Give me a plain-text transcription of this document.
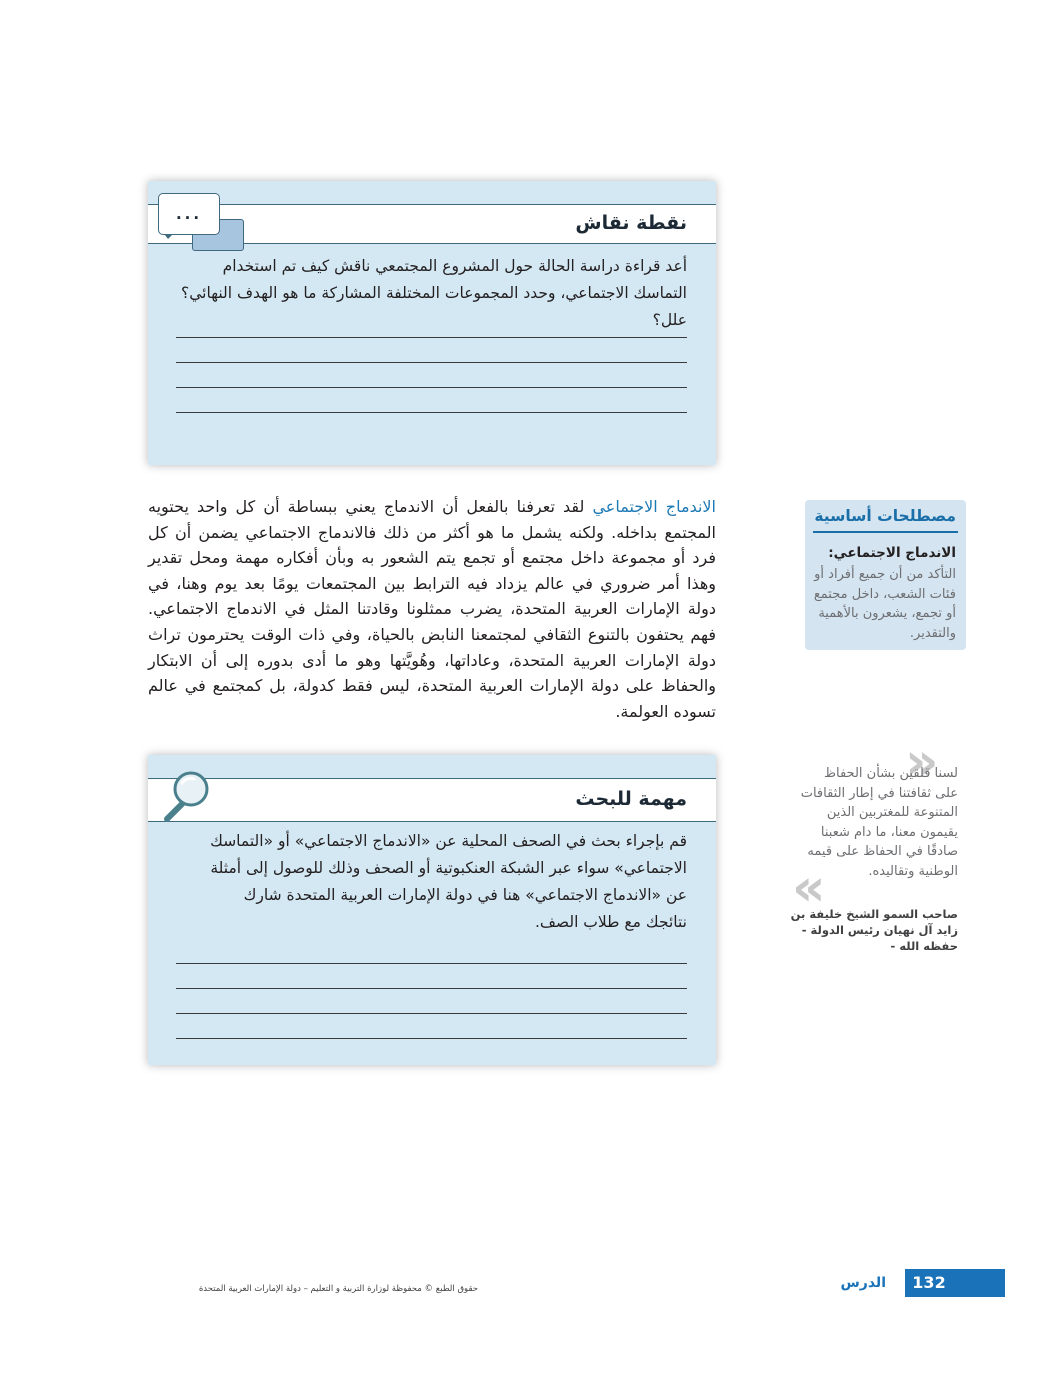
...	نقطة نقاش
أعد قراءة دراسة الحالة حول المشروع المجتمعي ناقش كيف تم استخدام التماسك الاجتماعي، وحدد المجموعات المختلفة المشاركة ما هو الهدف النهائي؟ علل؟
الاندماج الاجتماعي لقد تعرفنا بالفعل أن الاندماج يعني ببساطة أن كل واحد يحتويه المجتمع بداخله. ولكنه يشمل ما هو أكثر من ذلك فالاندماج الاجتماعي يضمن أن كل فرد أو مجموعة داخل مجتمع أو تجمع يتم الشعور به وبأن أفكاره مهمة ومحل تقدير وهذا أمر ضروري في عالم يزداد فيه الترابط بين المجتمعات يومًا بعد يوم وهنا، في دولة الإمارات العربية المتحدة، يضرب ممثلونا وقادتنا المثل في الاندماج الاجتماعي. فهم يحتفون بالتنوع الثقافي لمجتمعنا النابض بالحياة، وفي ذات الوقت يحترمون تراث دولة الإمارات العربية المتحدة، وعاداتها، وهُويَّتها وهو ما أدى بدوره إلى أن الابتكار والحفاظ على دولة الإمارات العربية المتحدة، ليس فقط كدولة، بل كمجتمع في عالم تسوده العولمة.
مصطلحات أساسية
الاندماج الاجتماعي:
التأكد من أن جميع أفراد أو فئات الشعب، داخل مجتمع أو تجمع، يشعرون بالأهمية والتقدير.
مهمة للبحث
قم بإجراء بحث في الصحف المحلية عن «الاندماج الاجتماعي» أو «التماسك الاجتماعي» سواء عبر الشبكة العنكبوتية أو الصحف وذلك للوصول إلى أمثلة عن «الاندماج الاجتماعي» هنا في دولة الإمارات العربية المتحدة شارك نتائجك مع طلاب الصف.
»
لسنا قلقين بشأن الحفاظ على ثقافتنا في إطار الثقافات المتنوعة للمغتربين الذين يقيمون معنا، ما دام شعبنا صادقًا في الحفاظ على قيمه الوطنية وتقاليده.
«
صاحب السمو الشيخ خليفة بن زايد آل نهيان رئيس الدولة - حفظه الله -
132
الدرس
حقوق الطبع © محفوظة لوزارة التربية و التعليم – دولة الإمارات العربية المتحدة
